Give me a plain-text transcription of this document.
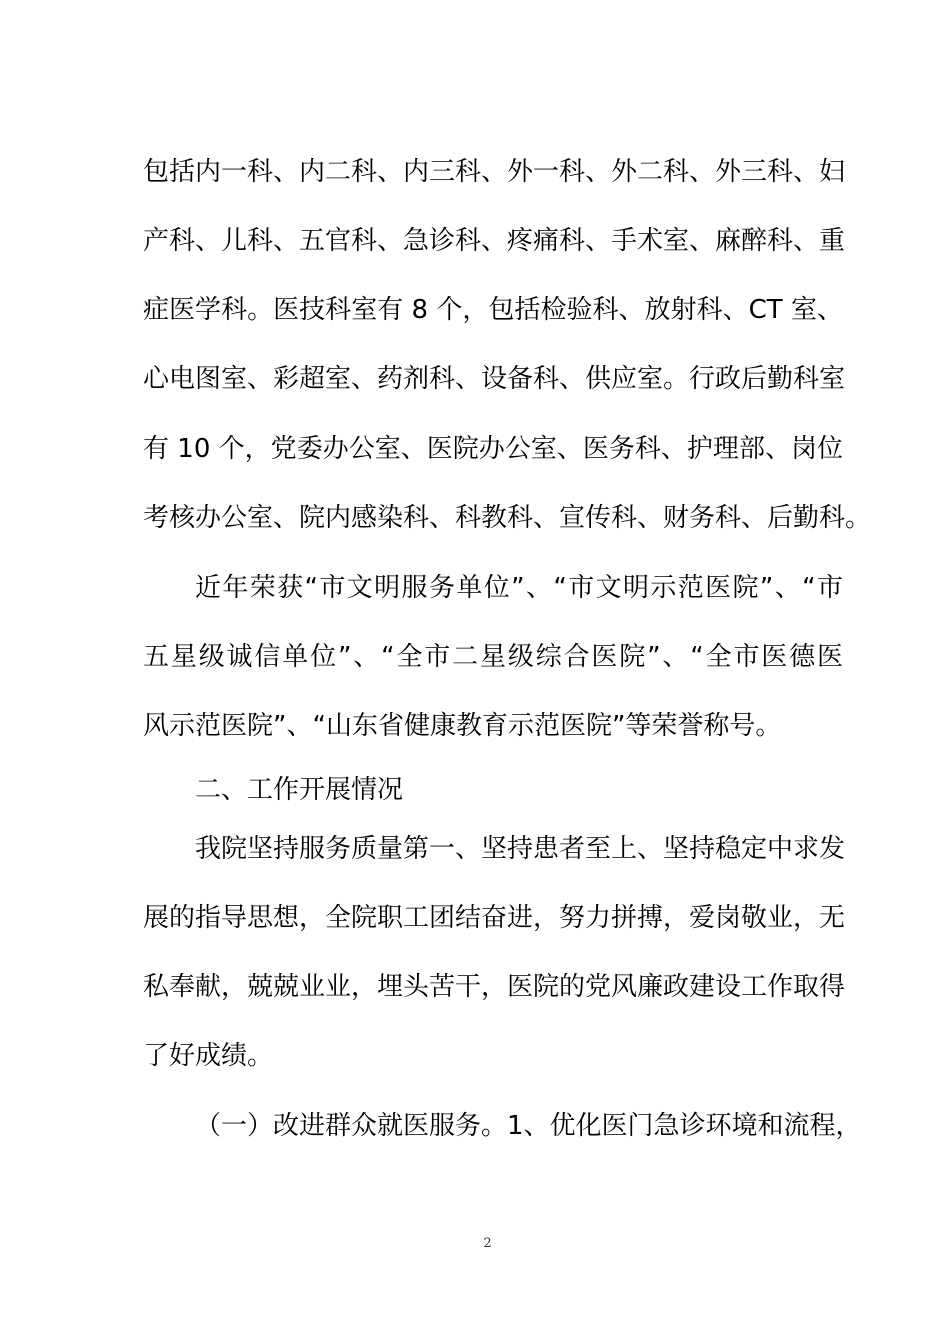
包括内一科、内二科、内三科、外一科、外二科、外三科、妇
产科、儿科、五官科、急诊科、疼痛科、手术室、麻醉科、重
症医学科。医技科室有 8 个，包括检验科、放射科、CT 室、
心电图室、彩超室、药剂科、设备科、供应室。行政后勤科室
有 10 个，党委办公室、医院办公室、医务科、护理部、岗位
考核办公室、院内感染科、科教科、宣传科、财务科、后勤科。
近年荣获“市文明服务单位”、“市文明示范医院”、“市
五星级诚信单位”、“全市二星级综合医院”、“全市医德医
风示范医院”、“山东省健康教育示范医院”等荣誉称号。
二、工作开展情况
我院坚持服务质量第一、坚持患者至上、坚持稳定中求发
展的指导思想，全院职工团结奋进，努力拼搏，爱岗敬业，无
私奉献，兢兢业业，埋头苦干，医院的党风廉政建设工作取得
了好成绩。
（一）改进群众就医服务。1、优化医门急诊环境和流程，
2
